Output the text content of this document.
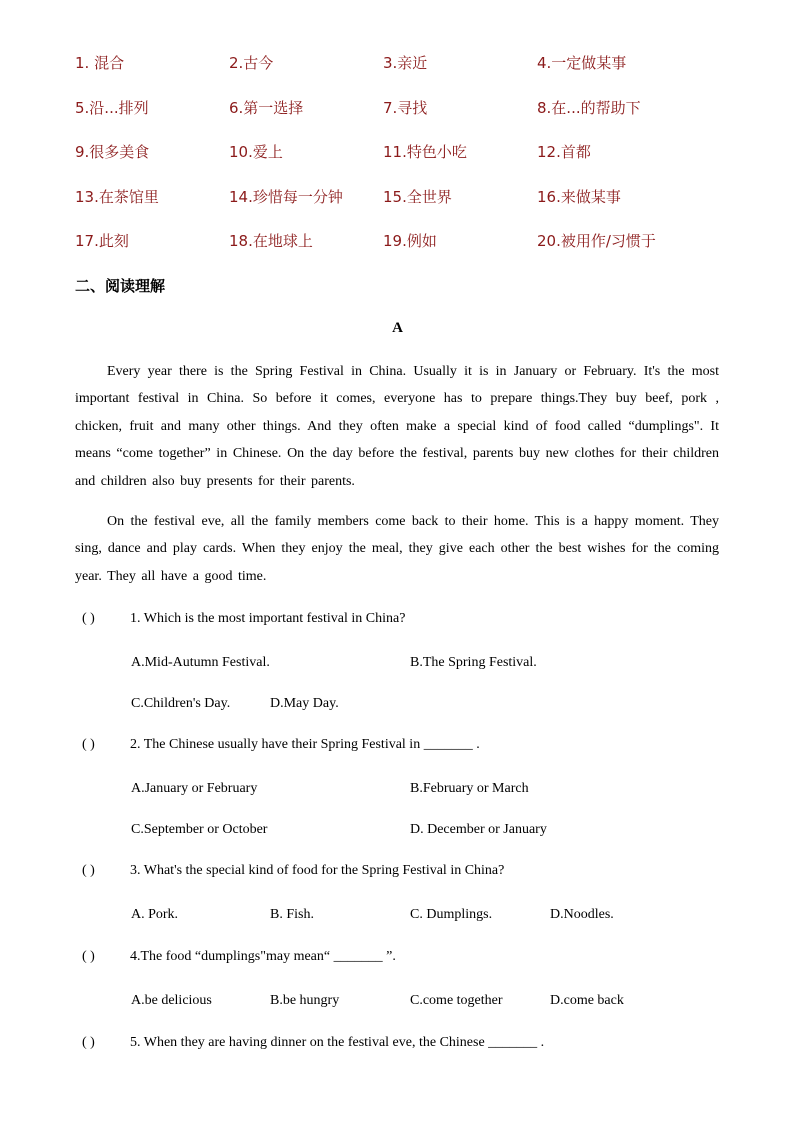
1. 混合	2.古今	3.亲近	4.一定做某事
5.沿...排列	6.第一选择	7.寻找	8.在...的帮助下
9.很多美食	10.爱上	11.特色小吃	12.首都
13.在茶馆里	14.珍惜每一分钟	15.全世界	16.来做某事
17.此刻	18.在地球上	19.例如	20.被用作/习惯于
二、阅读理解
A

Every year there is the Spring Festival in China. Usually it is in January or February. It's the most important festival in China. So before it comes, everyone has to prepare things.They buy beef, pork , chicken, fruit and many other things. And they often make a special kind of food called “dumplings". It means “come together” in Chinese. On the day before the festival, parents buy new clothes for their children and children also buy presents for their parents.

On the festival eve, all the family members come back to their home. This is a happy moment. They sing, dance and play cards. When they enjoy the meal, they give each other the best wishes for the coming year. They all have a good time.

( )	1. Which is the most important festival in China?
A.Mid-Autumn Festival.	B.The Spring Festival.
C.Children's Day.	D.May Day.
( )	2. The Chinese usually have their Spring Festival in _______ .
A.January or February	B.February or March
C.September or October	D. December or January
( )	3. What's the special kind of food for the Spring Festival in China?
A. Pork.	B. Fish.	C. Dumplings.	D.Noodles.
( )	4.The food “dumplings"may mean“ _______ ”.
A.be delicious	B.be hungry	C.come together	D.come back
( )	5. When they are having dinner on the festival eve, the Chinese _______ .
